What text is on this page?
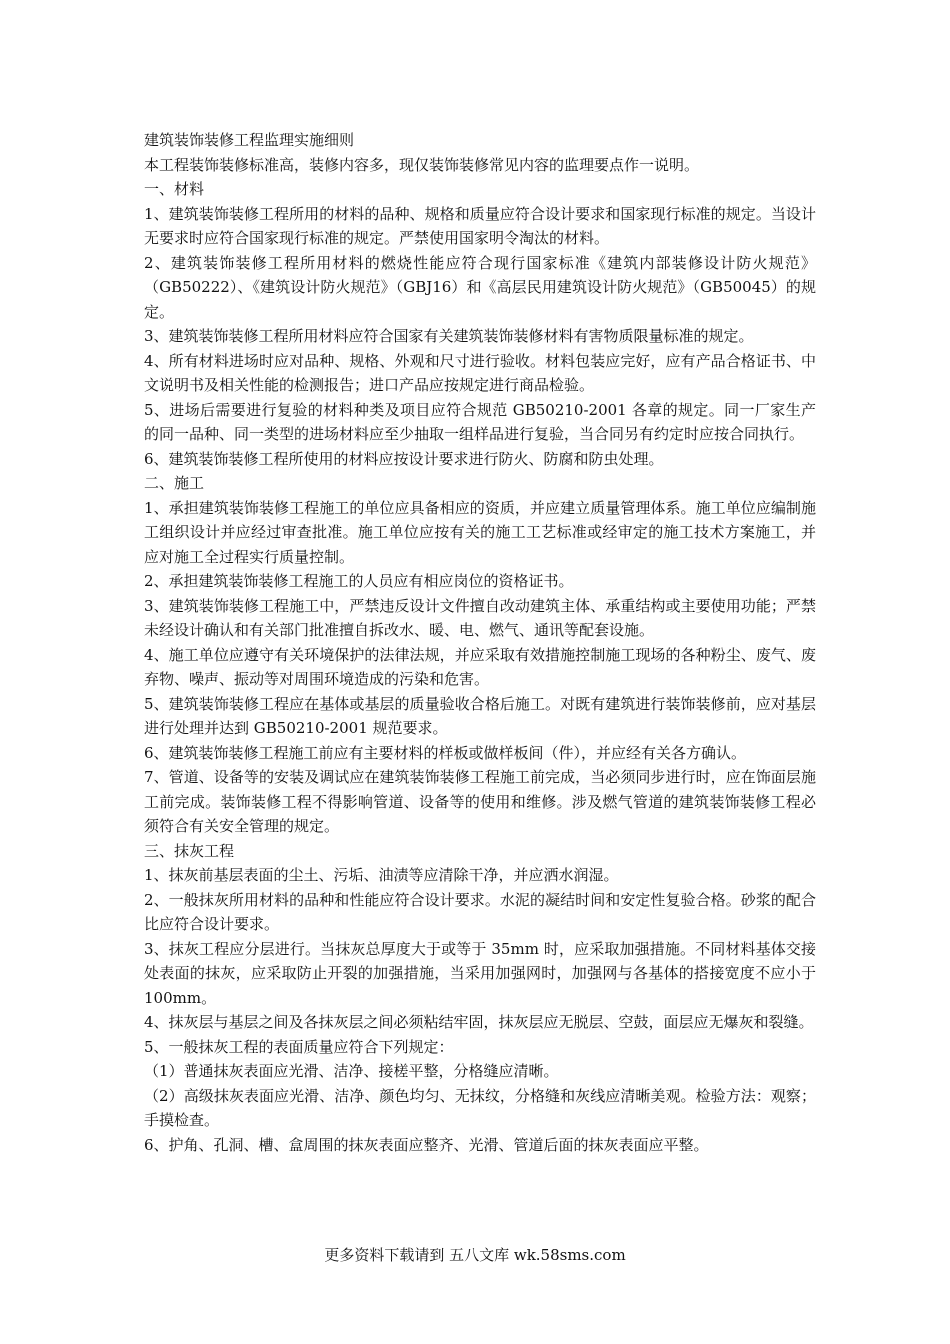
建筑装饰装修工程监理实施细则

本工程装饰装修标准高，装修内容多，现仅装饰装修常见内容的监理要点作一说明。

一、材料

1、建筑装饰装修工程所用的材料的品种、规格和质量应符合设计要求和国家现行标准的规定。当设计无要求时应符合国家现行标准的规定。严禁使用国家明令淘汰的材料。

2、建筑装饰装修工程所用材料的燃烧性能应符合现行国家标准《建筑内部装修设计防火规范》（GB50222）、《建筑设计防火规范》（GBJ16）和《高层民用建筑设计防火规范》（GB50045）的规定。

3、建筑装饰装修工程所用材料应符合国家有关建筑装饰装修材料有害物质限量标准的规定。

4、所有材料进场时应对品种、规格、外观和尺寸进行验收。材料包装应完好，应有产品合格证书、中文说明书及相关性能的检测报告；进口产品应按规定进行商品检验。

5、进场后需要进行复验的材料种类及项目应符合规范 GB50210-2001 各章的规定。同一厂家生产的同一品种、同一类型的进场材料应至少抽取一组样品进行复验，当合同另有约定时应按合同执行。

6、建筑装饰装修工程所使用的材料应按设计要求进行防火、防腐和防虫处理。

二、施工

1、承担建筑装饰装修工程施工的单位应具备相应的资质，并应建立质量管理体系。施工单位应编制施工组织设计并应经过审查批准。施工单位应按有关的施工工艺标准或经审定的施工技术方案施工，并应对施工全过程实行质量控制。

2、承担建筑装饰装修工程施工的人员应有相应岗位的资格证书。

3、建筑装饰装修工程施工中，严禁违反设计文件擅自改动建筑主体、承重结构或主要使用功能；严禁未经设计确认和有关部门批准擅自拆改水、暖、电、燃气、通讯等配套设施。

4、施工单位应遵守有关环境保护的法律法规，并应采取有效措施控制施工现场的各种粉尘、废气、废弃物、噪声、振动等对周围环境造成的污染和危害。

5、建筑装饰装修工程应在基体或基层的质量验收合格后施工。对既有建筑进行装饰装修前，应对基层进行处理并达到 GB50210-2001 规范要求。

6、建筑装饰装修工程施工前应有主要材料的样板或做样板间（件），并应经有关各方确认。

7、管道、设备等的安装及调试应在建筑装饰装修工程施工前完成，当必须同步进行时，应在饰面层施工前完成。装饰装修工程不得影响管道、设备等的使用和维修。涉及燃气管道的建筑装饰装修工程必须符合有关安全管理的规定。

三、抹灰工程

1、抹灰前基层表面的尘土、污垢、油渍等应清除干净，并应洒水润湿。

2、一般抹灰所用材料的品种和性能应符合设计要求。水泥的凝结时间和安定性复验合格。砂浆的配合比应符合设计要求。

3、抹灰工程应分层进行。当抹灰总厚度大于或等于 35mm 时，应采取加强措施。不同材料基体交接处表面的抹灰，应采取防止开裂的加强措施，当采用加强网时，加强网与各基体的搭接宽度不应小于 100mm。

4、抹灰层与基层之间及各抹灰层之间必须粘结牢固，抹灰层应无脱层、空鼓，面层应无爆灰和裂缝。

5、一般抹灰工程的表面质量应符合下列规定：

（1）普通抹灰表面应光滑、洁净、接槎平整，分格缝应清晰。

（2）高级抹灰表面应光滑、洁净、颜色均匀、无抹纹，分格缝和灰线应清晰美观。检验方法：观察；手摸检查。

6、护角、孔洞、槽、盒周围的抹灰表面应整齐、光滑、管道后面的抹灰表面应平整。

更多资料下载请到 五八文库 wk.58sms.com
